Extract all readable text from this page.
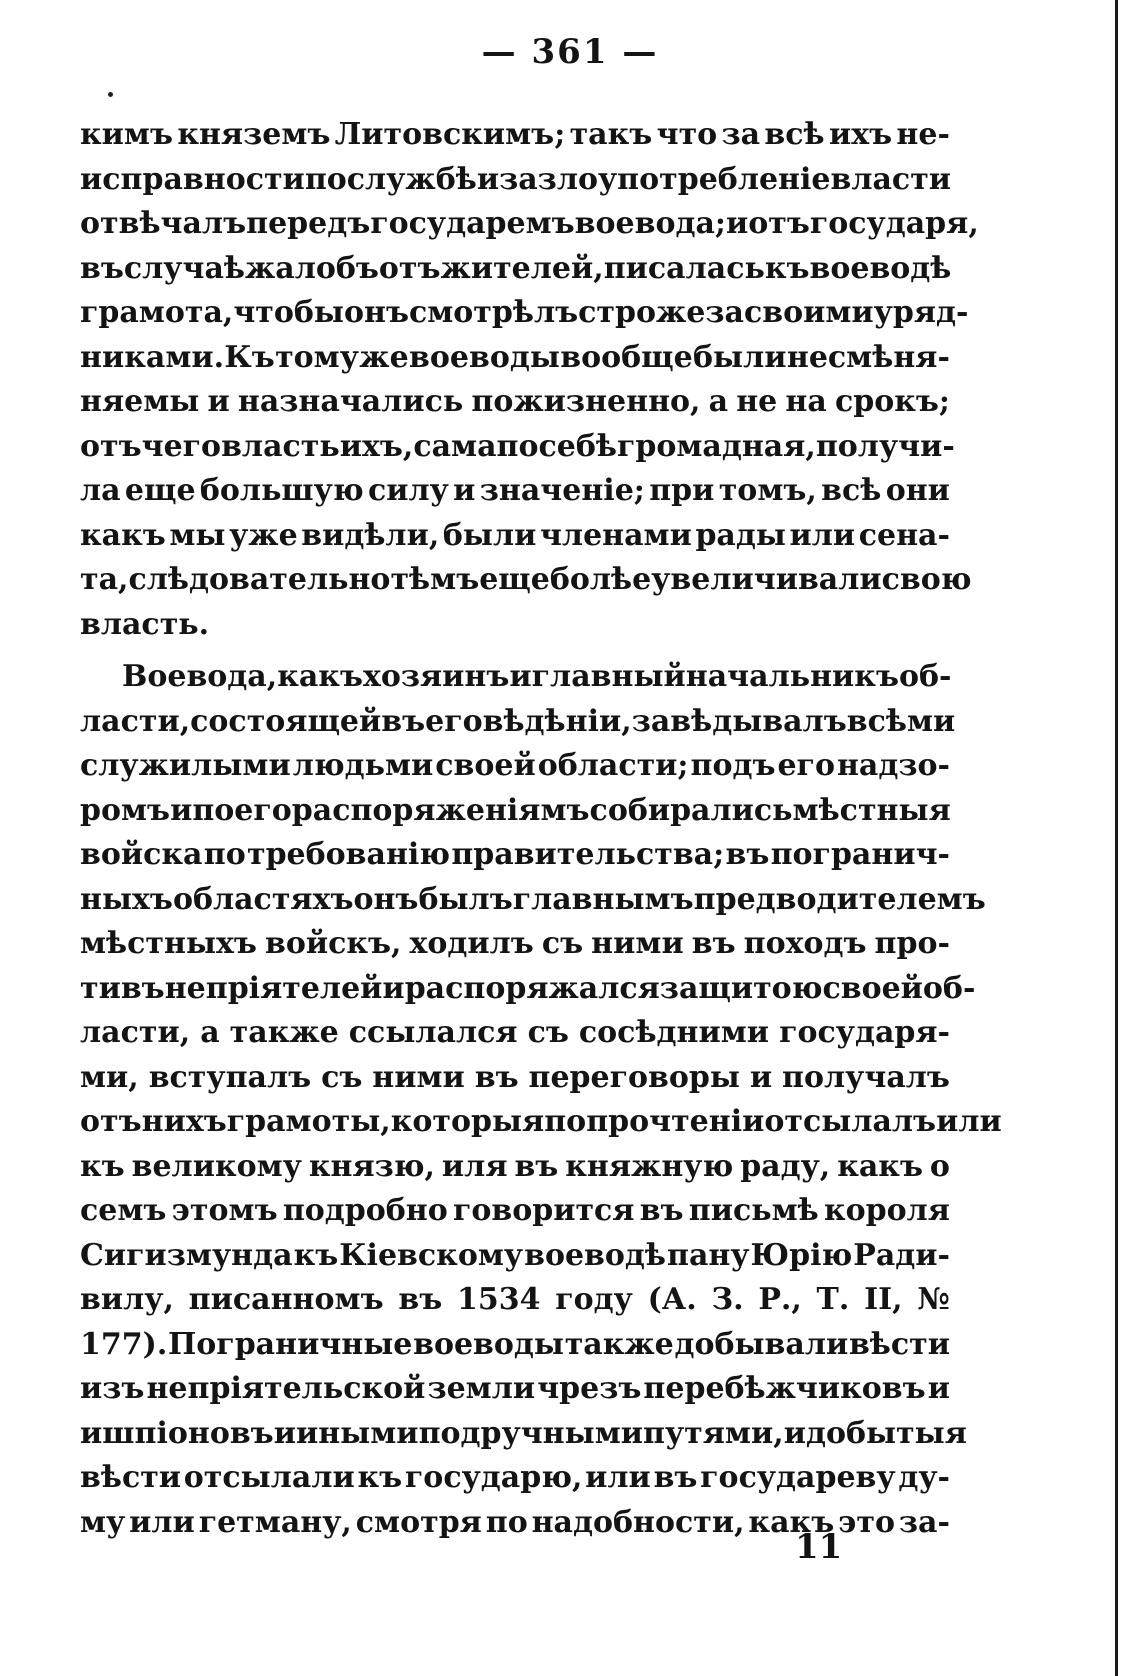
— 361 —
кимъ княземъ Литовскимъ; такъ что за всѣ ихъ не-
исправности по службѣ и за злоупотребленіе власти
отвѣчалъ передъ государемъ воевода; и отъ государя,
въ случаѣ жалобъ отъ жителей, писалась къ воеводѣ
грамота, чтобы онъ смотрѣлъ строже за своими уряд-
никами. Къ тому же воеводы вообще были несмѣня-
няемы и назначались пожизненно, а не на срокъ;
отъ чего власть ихъ, сама по себѣ громадная, получи-
ла еще большую силу и значеніе; при томъ, всѣ они
какъ мы уже видѣли, были членами рады или сена-
та, слѣдовательно тѣмъ еще болѣе увеличивали свою
власть.
Воевода, какъ хозяинъ и главный начальникъ об-
ласти, состоящей въ его вѣдѣніи, завѣдывалъ всѣми
служилыми людьми своей области; подъ его надзо-
ромъ и по его распоряженіямъ собирались мѣстныя
войска по требованію правительства; въ погранич-
ныхъ областяхъ онъ былъ главнымъ предводителемъ
мѣстныхъ войскъ, ходилъ съ ними въ походъ про-
тивъ непріятелей и распоряжался защитою своей об-
ласти, а также ссылался съ сосѣдними государя-
ми, вступалъ съ ними въ переговоры и получалъ
отъ нихъ грамоты, которыя по прочтеніи отсылалъ или
къ великому князю, иля въ княжную раду, какъ о
семъ этомъ подробно говорится въ письмѣ короля
Сигизмунда къ Кіевскому воеводѣ пану Юрію Ради-
вилу, писанномъ въ 1534 году (А. З. Р., Т. II, №
177). Пограничные воеводы также добывали вѣсти
изъ непріятельской земли чрезъ перебѣжчиковъ и
и шпіоновъ и иными подручными путями, и добытыя
вѣсти отсылали къ государю, или въ государеву ду-
му или гетману, смотря по надобности, какъ это за-
11
